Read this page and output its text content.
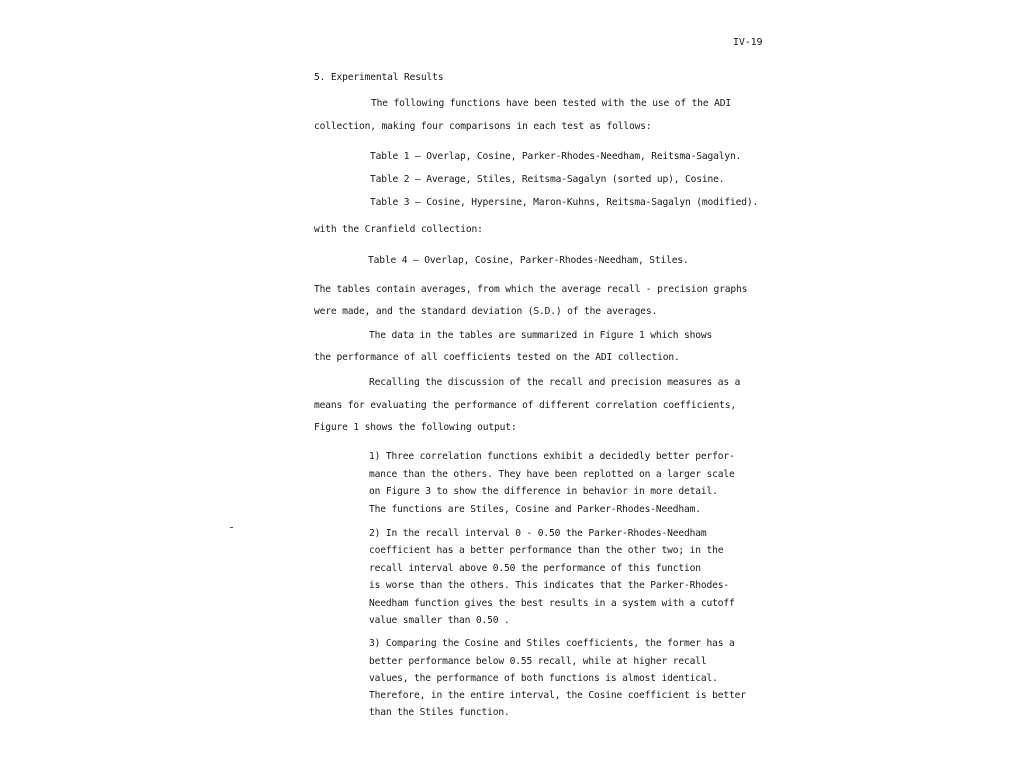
IV-19
5. Experimental Results
The following functions have been tested with the use of the ADI
collection, making four comparisons in each test as follows:
Table 1 — Overlap, Cosine, Parker-Rhodes-Needham, Reitsma-Sagalyn.
Table 2 — Average, Stiles, Reitsma-Sagalyn (sorted up), Cosine.
Table 3 — Cosine, Hypersine, Maron-Kuhns, Reitsma-Sagalyn (modified).
with the Cranfield collection:
Table 4 — Overlap, Cosine, Parker-Rhodes-Needham, Stiles.
The tables contain averages, from which the average recall - precision graphs
were made, and the standard deviation (S.D.) of the averages.
The data in the tables are summarized in Figure 1 which shows
the performance of all coefficients tested on the ADI collection.
Recalling the discussion of the recall and precision measures as a
means for evaluating the performance of different correlation coefficients,
Figure 1 shows the following output:
1) Three correlation functions exhibit a decidedly better perfor-
mance than the others. They have been replotted on a larger scale
on Figure 3 to show the difference in behavior in more detail.
The functions are Stiles, Cosine and Parker-Rhodes-Needham.
2) In the recall interval 0 - 0.50 the Parker-Rhodes-Needham
coefficient has a better performance than the other two; in the
recall interval above 0.50 the performance of this function
is worse than the others. This indicates that the Parker-Rhodes-
Needham function gives the best results in a system with a cutoff
value smaller than 0.50 .
3) Comparing the Cosine and Stiles coefficients, the former has a
better performance below 0.55 recall, while at higher recall
values, the performance of both functions is almost identical.
Therefore, in the entire interval, the Cosine coefficient is better
than the Stiles function.
